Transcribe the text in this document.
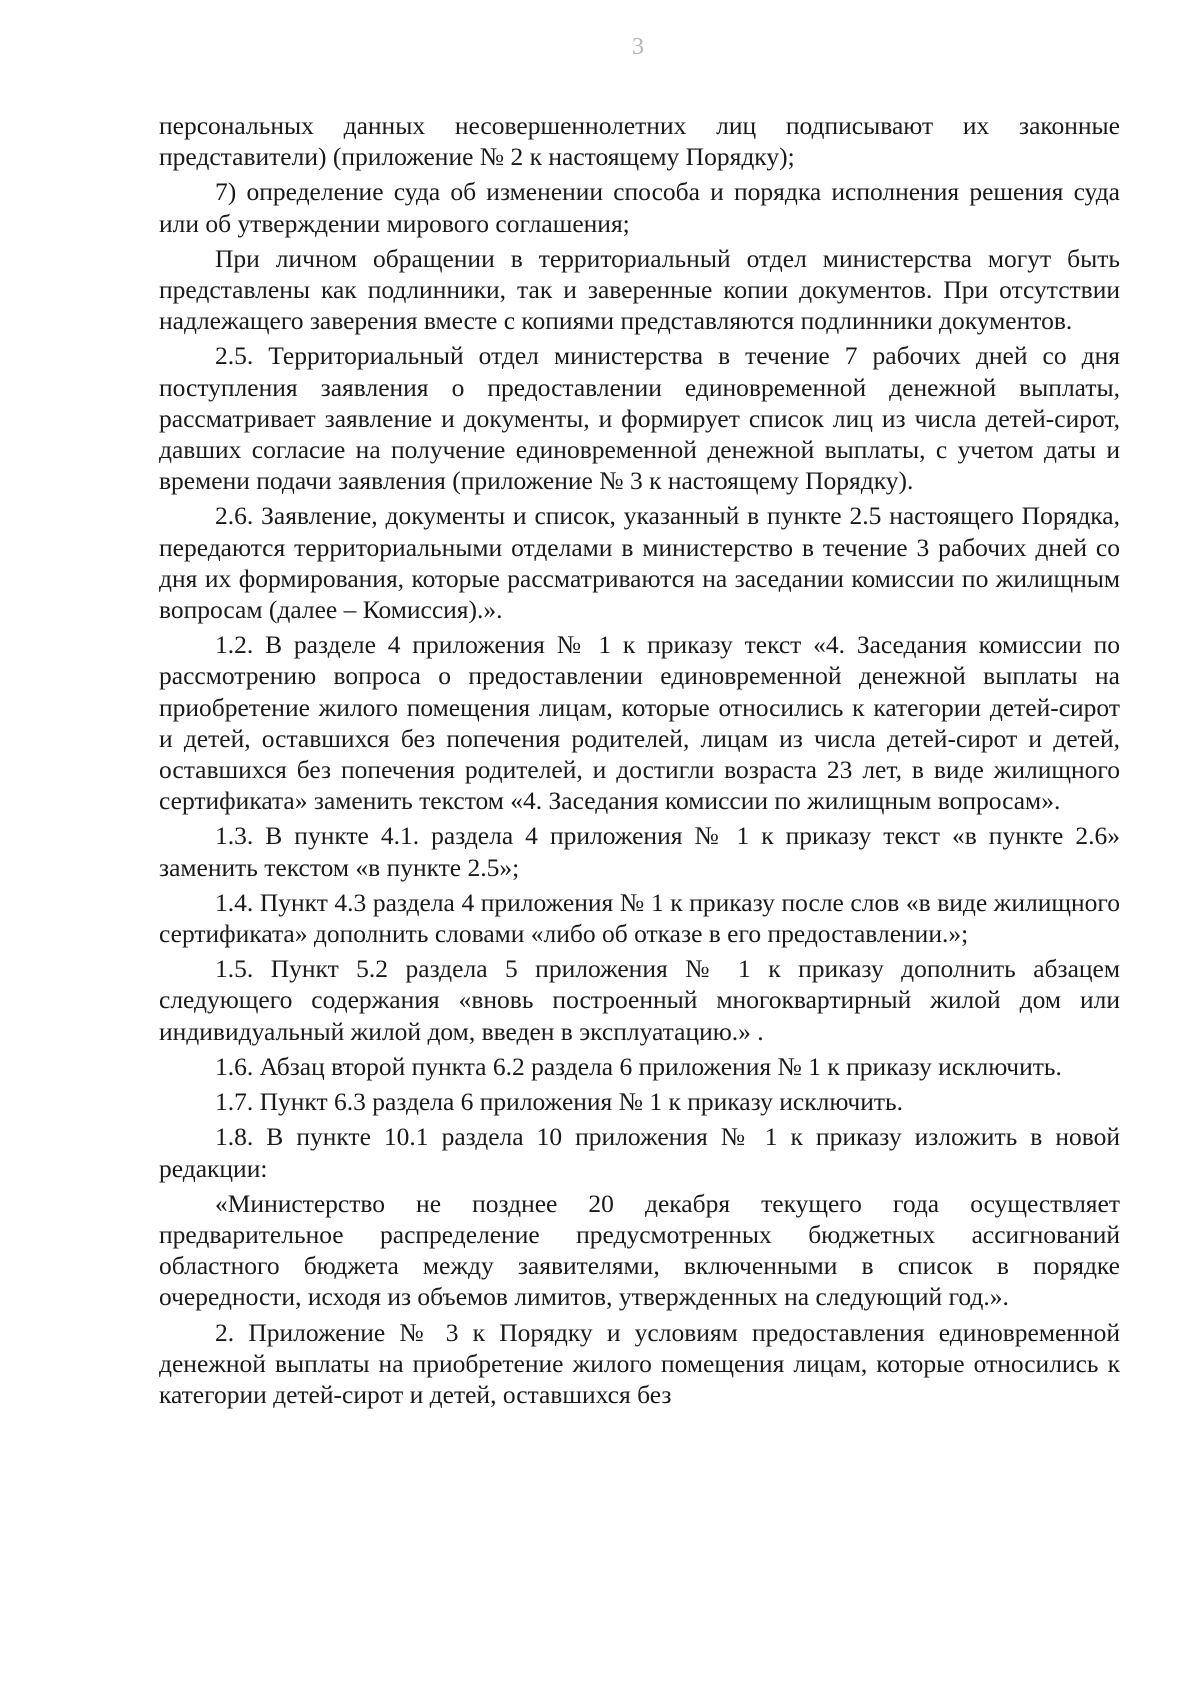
3

персональных данных несовершеннолетних лиц подписывают их законные представители) (приложение № 2 к настоящему Порядку);

7) определение суда об изменении способа и порядка исполнения решения суда или об утверждении мирового соглашения;

При личном обращении в территориальный отдел министерства могут быть представлены как подлинники, так и заверенные копии документов. При отсутствии надлежащего заверения вместе с копиями представляются подлинники документов.

2.5. Территориальный отдел министерства в течение 7 рабочих дней со дня поступления заявления о предоставлении единовременной денежной выплаты, рассматривает заявление и документы, и формирует список лиц из числа детей-сирот, давших согласие на получение единовременной денежной выплаты, с учетом даты и времени подачи заявления (приложение № 3 к настоящему Порядку).

2.6. Заявление, документы и список, указанный в пункте 2.5 настоящего Порядка, передаются территориальными отделами в министерство в течение 3 рабочих дней со дня их формирования, которые рассматриваются на заседании комиссии по жилищным вопросам (далее – Комиссия).».

1.2. В разделе 4 приложения № 1 к приказу текст «4. Заседания комиссии по рассмотрению вопроса о предоставлении единовременной денежной выплаты на приобретение жилого помещения лицам, которые относились к категории детей-сирот и детей, оставшихся без попечения родителей, лицам из числа детей-сирот и детей, оставшихся без попечения родителей, и достигли возраста 23 лет, в виде жилищного сертификата» заменить текстом «4. Заседания комиссии по жилищным вопросам».

1.3. В пункте 4.1. раздела 4 приложения № 1 к приказу текст «в пункте 2.6» заменить текстом «в пункте 2.5»;

1.4. Пункт 4.3 раздела 4 приложения № 1 к приказу после слов «в виде жилищного сертификата» дополнить словами «либо об отказе в его предоставлении.»;

1.5. Пункт 5.2 раздела 5 приложения № 1 к приказу дополнить абзацем следующего содержания «вновь построенный многоквартирный жилой дом или индивидуальный жилой дом, введен в эксплуатацию.» .

1.6. Абзац второй пункта 6.2 раздела 6 приложения № 1 к приказу исключить.

1.7. Пункт 6.3 раздела 6 приложения № 1 к приказу исключить.

1.8. В пункте 10.1 раздела 10 приложения № 1 к приказу изложить в новой редакции:

«Министерство не позднее 20 декабря текущего года осуществляет предварительное распределение предусмотренных бюджетных ассигнований областного бюджета между заявителями, включенными в список в порядке очередности, исходя из объемов лимитов, утвержденных на следующий год.».

2. Приложение № 3 к Порядку и условиям предоставления единовременной денежной выплаты на приобретение жилого помещения лицам, которые относились к категории детей-сирот и детей, оставшихся без
